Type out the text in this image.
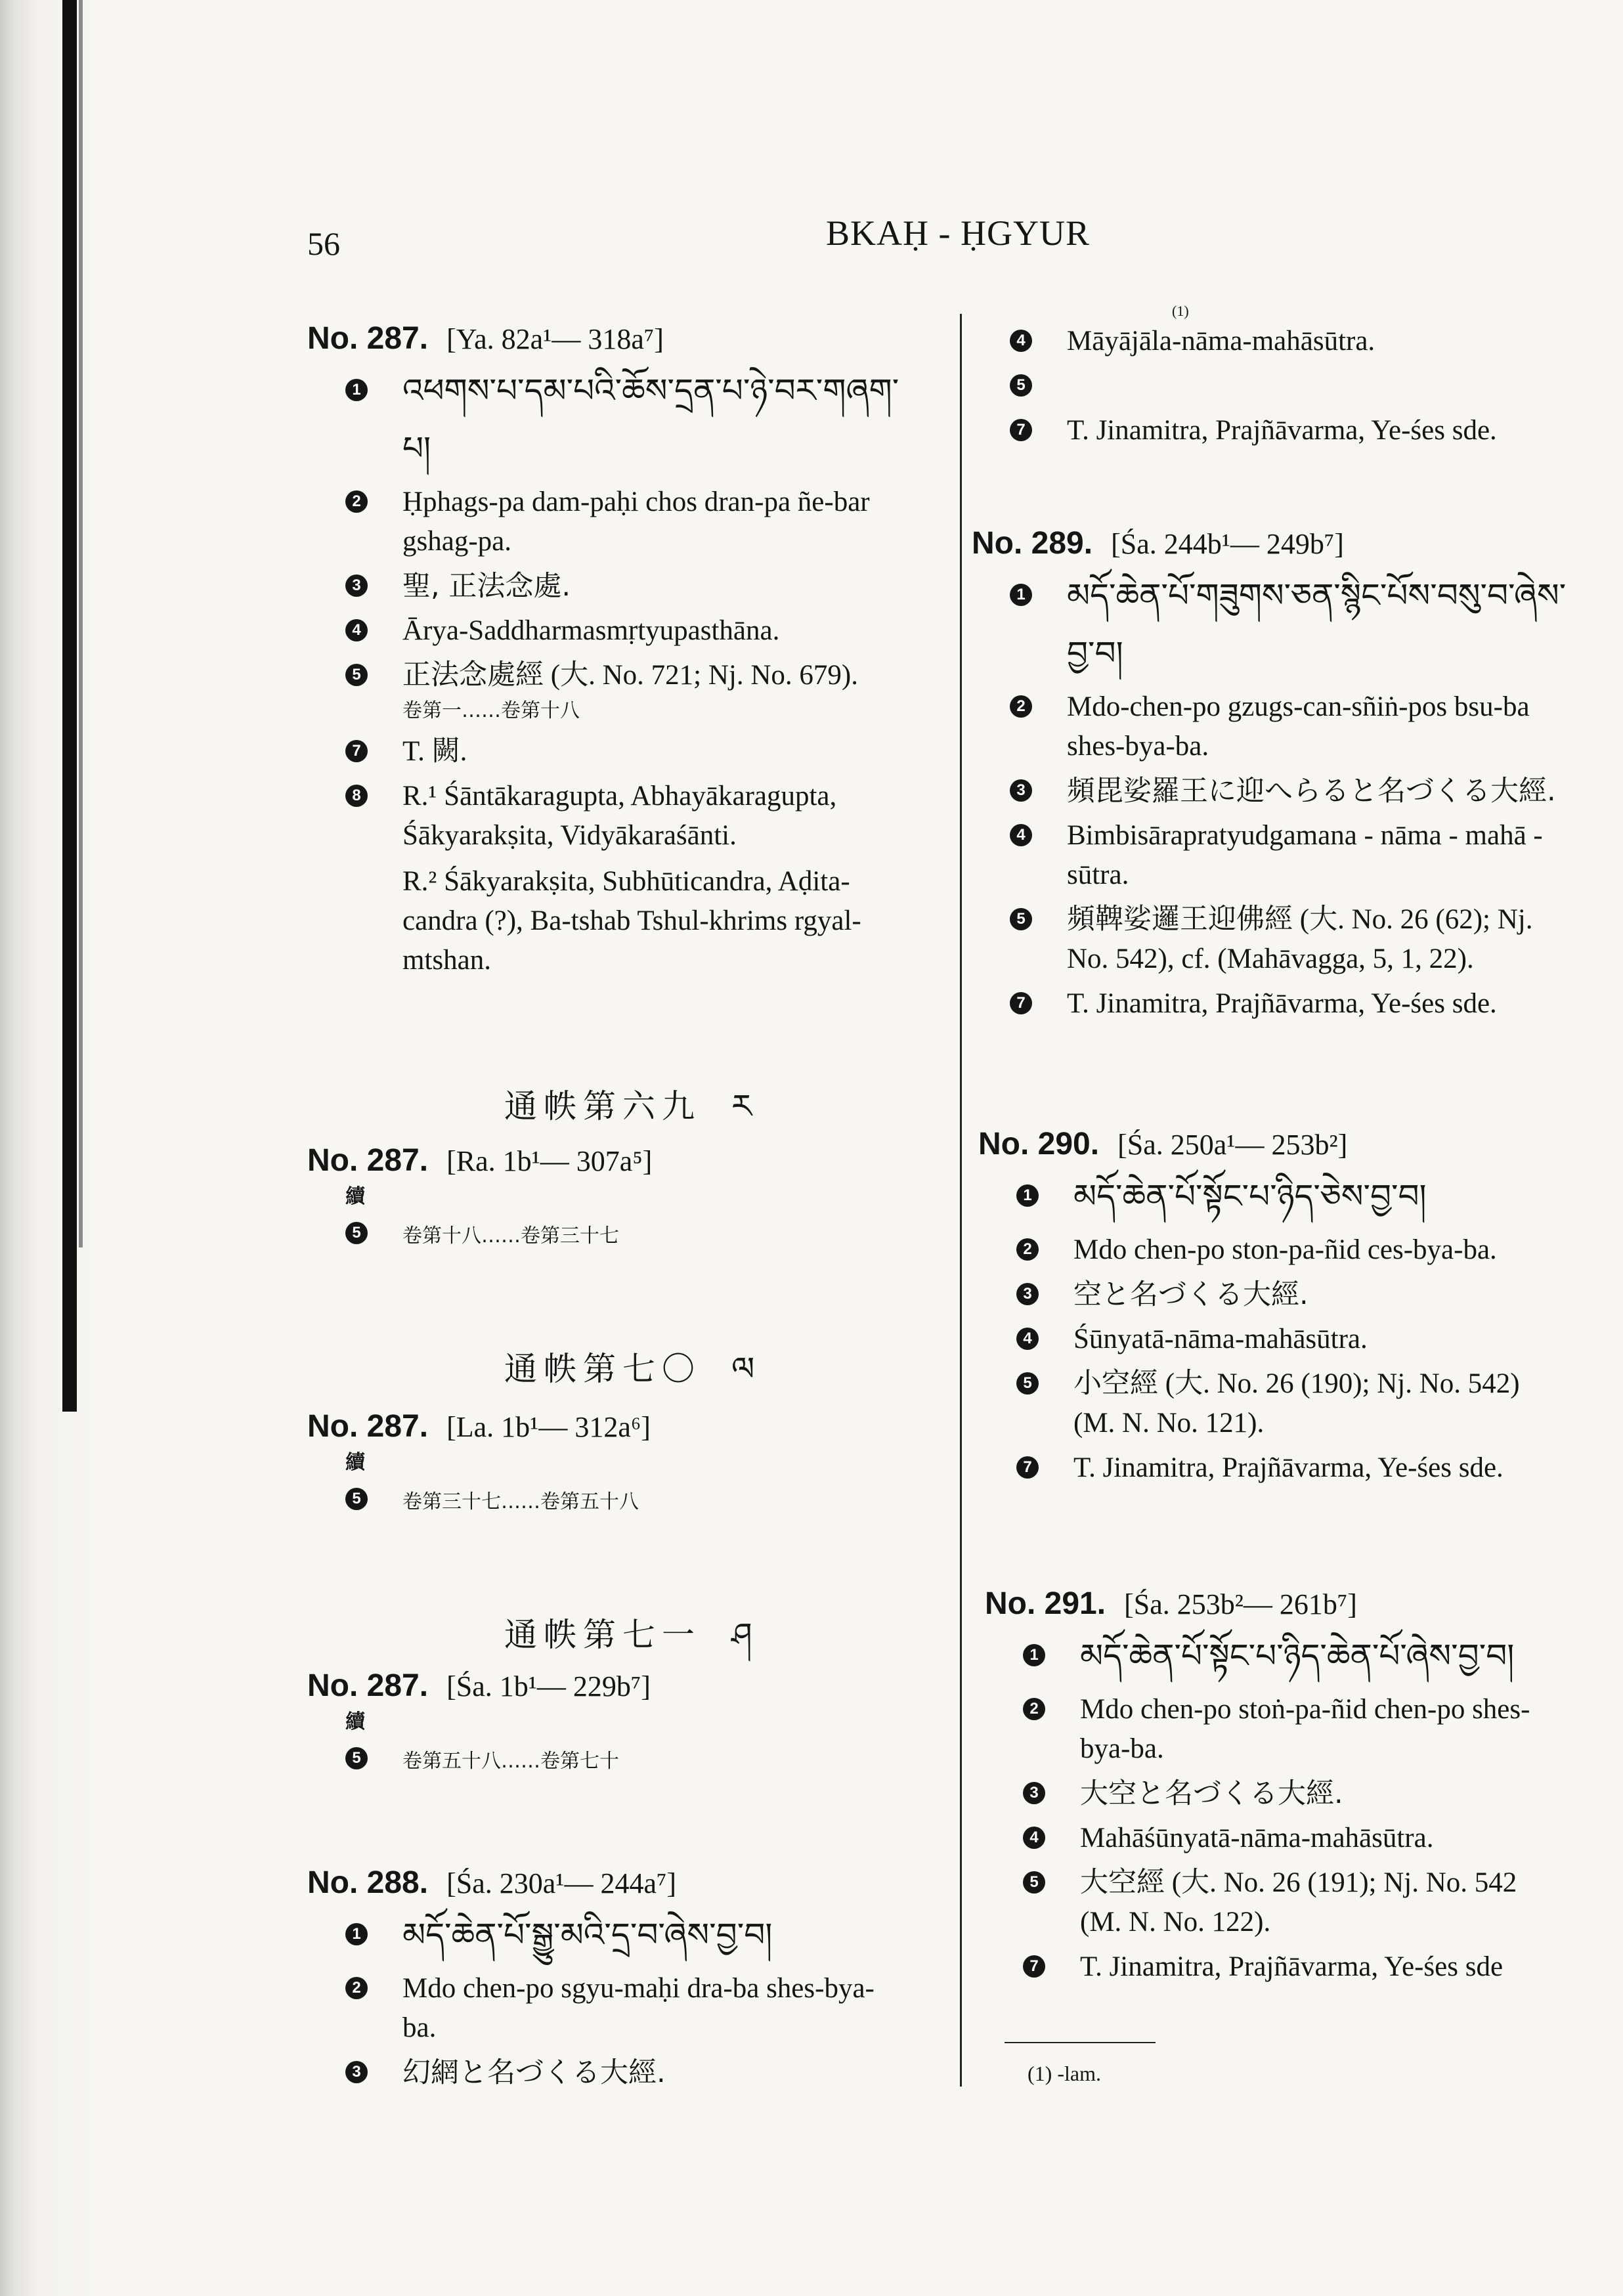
56	BKAḤ - ḤGYUR
No. 287. [Ya. 82a¹— 318a⁷]
1 འཕགས་པ་དམ་པའི་ཆོས་དྲན་པ་ཉེ་བར་གཞག་
པ།
2 Ḥphags-pa dam-paḥi chos dran-pa ñe-bar
gshag-pa.
3 聖, 正法念處.
4 Ārya-Saddharmasmṛtyupasthāna.
5 正法念處經 (大. No. 721; Nj. No. 679).
卷第一……卷第十八
7 T. 闕.
8 R.¹ Śāntākaragupta, Abhayākaragupta,
Śākyarakṣita, Vidyākaraśānti.
R.² Śākyarakṣita, Subhūticandra, Aḍita-
candra (?), Ba-tshab Tshul-khrims rgyal-
mtshan.
通帙第六九 ར
No. 287. [Ra. 1b¹— 307a⁵]
續
5	卷第十八……卷第三十七
通帙第七〇 ལ
No. 287. [La. 1b¹— 312a⁶]
續
5	卷第三十七……卷第五十八
通帙第七一 ཤ
No. 287. [Śa. 1b¹— 229b⁷]
續
5	卷第五十八……卷第七十
No. 288. [Śa. 230a¹— 244a⁷]
1 མདོ་ཆེན་པོ་སྒྱུ་མའི་དྲ་བ་ཞེས་བྱ་བ།
2 Mdo chen-po sgyu-maḥi dra-ba shes-bya-
ba.
3 幻網と名づくる大經.
4
(1)
Māyājāla-nāma-mahāsūtra.
5
7 T. Jinamitra, Prajñāvarma, Ye-śes sde.
No. 289. [Śa. 244b¹— 249b⁷]
1 མདོ་ཆེན་པོ་གཟུགས་ཅན་སྙིང་པོས་བསུ་བ་ཞེས་
བྱ་བ།
2 Mdo-chen-po gzugs-can-sñiṅ-pos bsu-ba
shes-bya-ba.
3 頻毘娑羅王に迎へらると名づくる大經.
4 Bimbisārapratyudgamana - nāma - mahā -
sūtra.
5 頻鞞娑邏王迎佛經 (大. No. 26 (62); Nj.
No. 542), cf. (Mahāvagga, 5, 1, 22).
7 T. Jinamitra, Prajñāvarma, Ye-śes sde.
No. 290. [Śa. 250a¹— 253b²]
1 མདོ་ཆེན་པོ་སྟོང་པ་ཉིད་ཅེས་བྱ་བ།
2 Mdo chen-po ston-pa-ñid ces-bya-ba.
3 空と名づくる大經.
4 Śūnyatā-nāma-mahāsūtra.
5 小空經 (大. No. 26 (190); Nj. No. 542)
(M. N. No. 121).
7 T. Jinamitra, Prajñāvarma, Ye-śes sde.
No. 291. [Śa. 253b²— 261b⁷]
1 མདོ་ཆེན་པོ་སྟོང་པ་ཉིད་ཆེན་པོ་ཞེས་བྱ་བ།
2 Mdo chen-po stoṅ-pa-ñid chen-po shes-
bya-ba.
3 大空と名づくる大經.
4 Mahāśūnyatā-nāma-mahāsūtra.
5 大空經 (大. No. 26 (191); Nj. No. 542
(M. N. No. 122).
7 T. Jinamitra, Prajñāvarma, Ye-śes sde
(1) -lam.
